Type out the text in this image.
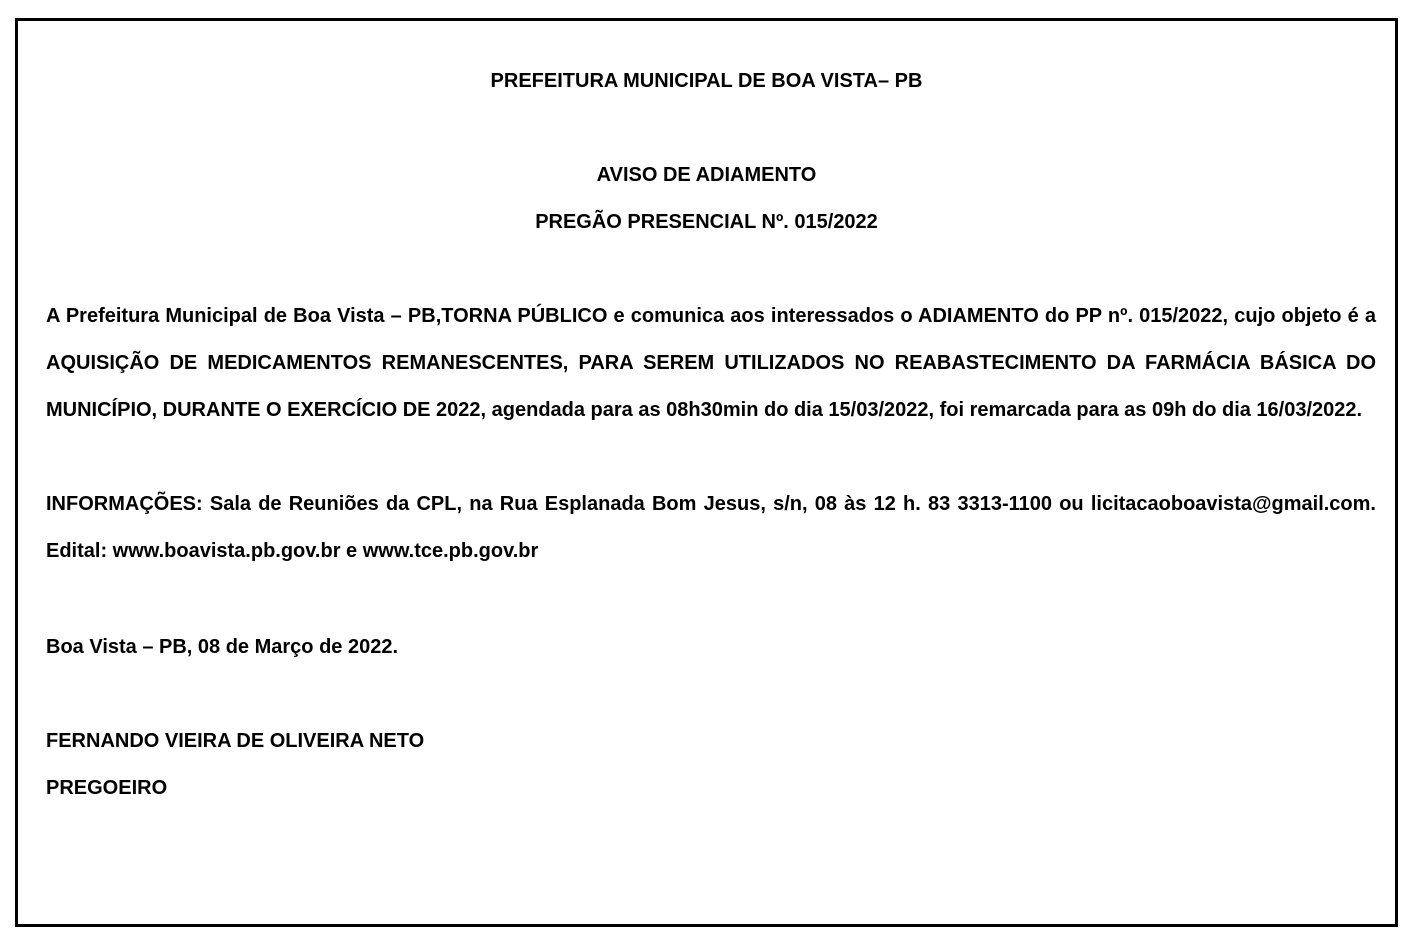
PREFEITURA MUNICIPAL DE BOA VISTA– PB
AVISO DE ADIAMENTO
PREGÃO PRESENCIAL Nº. 015/2022
A Prefeitura Municipal de Boa Vista – PB,TORNA PÚBLICO e comunica aos interessados o ADIAMENTO do PP nº. 015/2022, cujo objeto é a AQUISIÇÃO DE MEDICAMENTOS REMANESCENTES, PARA SEREM UTILIZADOS NO REABASTECIMENTO DA FARMÁCIA BÁSICA DO MUNICÍPIO, DURANTE O EXERCÍCIO DE 2022, agendada para as 08h30min do dia 15/03/2022, foi remarcada para as 09h do dia 16/03/2022.
INFORMAÇÕES: Sala de Reuniões da CPL, na Rua Esplanada Bom Jesus, s/n, 08 às 12 h. 83 3313-1100 ou licitacaoboavista@gmail.com. Edital: www.boavista.pb.gov.br e www.tce.pb.gov.br
Boa Vista – PB, 08 de Março de 2022.
FERNANDO VIEIRA DE OLIVEIRA NETO
PREGOEIRO
